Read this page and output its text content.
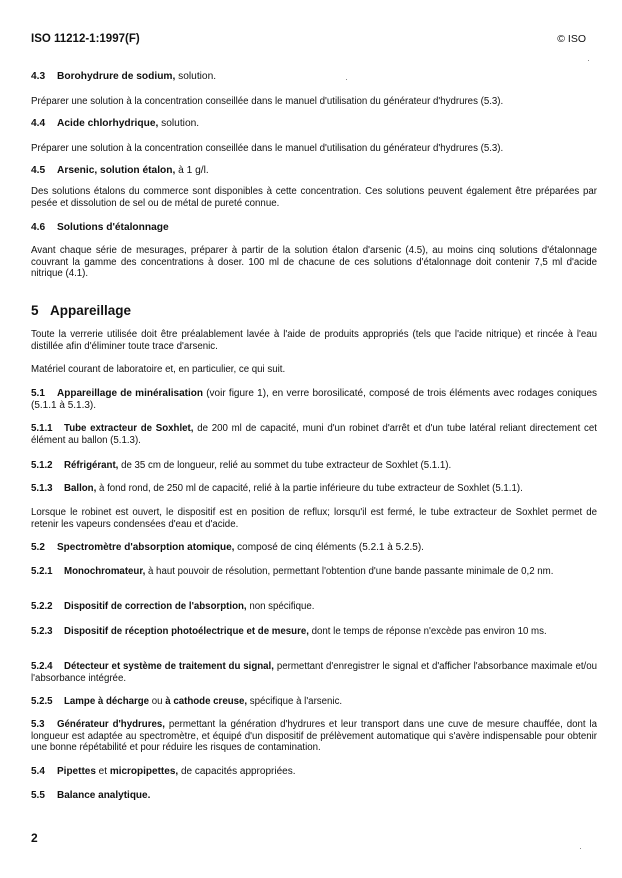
ISO 11212-1:1997(F)	© ISO
4.3 Borohydrure de sodium, solution.
Préparer une solution à la concentration conseillée dans le manuel d'utilisation du générateur d'hydrures (5.3).
4.4 Acide chlorhydrique, solution.
Préparer une solution à la concentration conseillée dans le manuel d'utilisation du générateur d'hydrures (5.3).
4.5 Arsenic, solution étalon, à 1 g/l.
Des solutions étalons du commerce sont disponibles à cette concentration. Ces solutions peuvent également être préparées par pesée et dissolution de sel ou de métal de pureté connue.
4.6 Solutions d'étalonnage
Avant chaque série de mesurages, préparer à partir de la solution étalon d'arsenic (4.5), au moins cinq solutions d'étalonnage couvrant la gamme des concentrations à doser. 100 ml de chacune de ces solutions d'étalonnage doit contenir 7,5 ml d'acide nitrique (4.1).
5 Appareillage
Toute la verrerie utilisée doit être préalablement lavée à l'aide de produits appropriés (tels que l'acide nitrique) et rincée à l'eau distillée afin d'éliminer toute trace d'arsenic.
Matériel courant de laboratoire et, en particulier, ce qui suit.
5.1 Appareillage de minéralisation (voir figure 1), en verre borosilicaté, composé de trois éléments avec rodages coniques (5.1.1 à 5.1.3).
5.1.1 Tube extracteur de Soxhlet, de 200 ml de capacité, muni d'un robinet d'arrêt et d'un tube latéral reliant directement cet élément au ballon (5.1.3).
5.1.2 Réfrigérant, de 35 cm de longueur, relié au sommet du tube extracteur de Soxhlet (5.1.1).
5.1.3 Ballon, à fond rond, de 250 ml de capacité, relié à la partie inférieure du tube extracteur de Soxhlet (5.1.1).
Lorsque le robinet est ouvert, le dispositif est en position de reflux; lorsqu'il est fermé, le tube extracteur de Soxhlet permet de retenir les vapeurs condensées d'eau et d'acide.
5.2 Spectromètre d'absorption atomique, composé de cinq éléments (5.2.1 à 5.2.5).
5.2.1 Monochromateur, à haut pouvoir de résolution, permettant l'obtention d'une bande passante minimale de 0,2 nm.
5.2.2 Dispositif de correction de l'absorption, non spécifique.
5.2.3 Dispositif de réception photoélectrique et de mesure, dont le temps de réponse n'excède pas environ 10 ms.
5.2.4 Détecteur et système de traitement du signal, permettant d'enregistrer le signal et d'afficher l'absorbance maximale et/ou l'absorbance intégrée.
5.2.5 Lampe à décharge ou à cathode creuse, spécifique à l'arsenic.
5.3 Générateur d'hydrures, permettant la génération d'hydrures et leur transport dans une cuve de mesure chauffée, dont la longueur est adaptée au spectromètre, et équipé d'un dispositif de prélèvement automatique qui s'avère indispensable pour obtenir une bonne répétabilité et pour réduire les risques de contamination.
5.4 Pipettes et micropipettes, de capacités appropriées.
5.5 Balance analytique.
2
